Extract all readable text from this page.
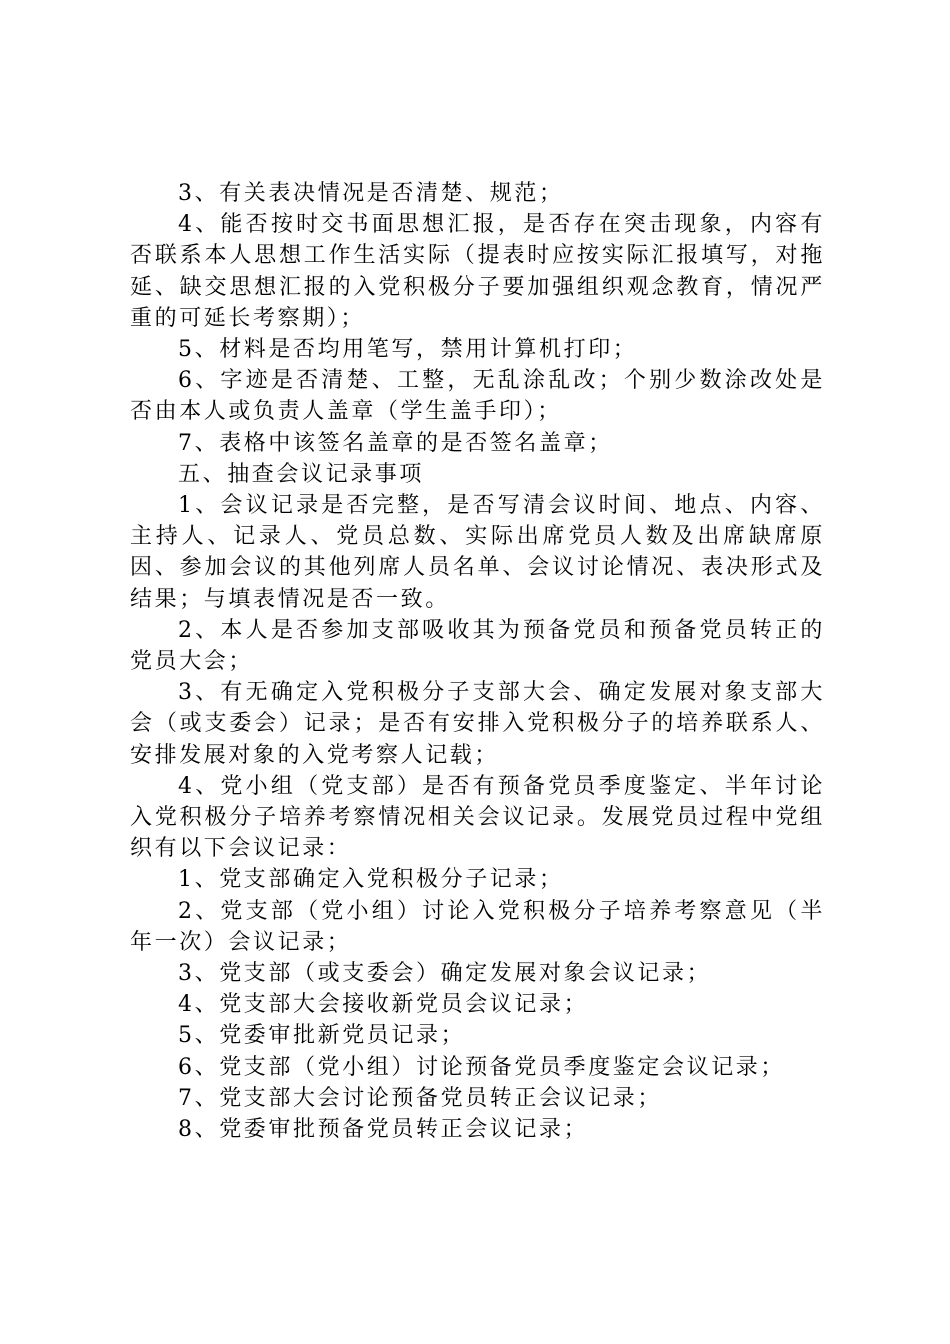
3、有关表决情况是否清楚、规范；

4、能否按时交书面思想汇报，是否存在突击现象，内容有否联系本人思想工作生活实际（提表时应按实际汇报填写，对拖延、缺交思想汇报的入党积极分子要加强组织观念教育，情况严重的可延长考察期）；

5、材料是否均用笔写，禁用计算机打印；

6、字迹是否清楚、工整，无乱涂乱改；个别少数涂改处是否由本人或负责人盖章（学生盖手印）；

7、表格中该签名盖章的是否签名盖章；

五、抽查会议记录事项

1、会议记录是否完整，是否写清会议时间、地点、内容、主持人、记录人、党员总数、实际出席党员人数及出席缺席原因、参加会议的其他列席人员名单、会议讨论情况、表决形式及结果；与填表情况是否一致。

2、本人是否参加支部吸收其为预备党员和预备党员转正的党员大会；

3、有无确定入党积极分子支部大会、确定发展对象支部大会（或支委会）记录；是否有安排入党积极分子的培养联系人、安排发展对象的入党考察人记载；

4、党小组（党支部）是否有预备党员季度鉴定、半年讨论入党积极分子培养考察情况相关会议记录。发展党员过程中党组织有以下会议记录：

1、党支部确定入党积极分子记录；

2、党支部（党小组）讨论入党积极分子培养考察意见（半年一次）会议记录；

3、党支部（或支委会）确定发展对象会议记录；

4、党支部大会接收新党员会议记录；

5、党委审批新党员记录；

6、党支部（党小组）讨论预备党员季度鉴定会议记录；

7、党支部大会讨论预备党员转正会议记录；

8、党委审批预备党员转正会议记录；
